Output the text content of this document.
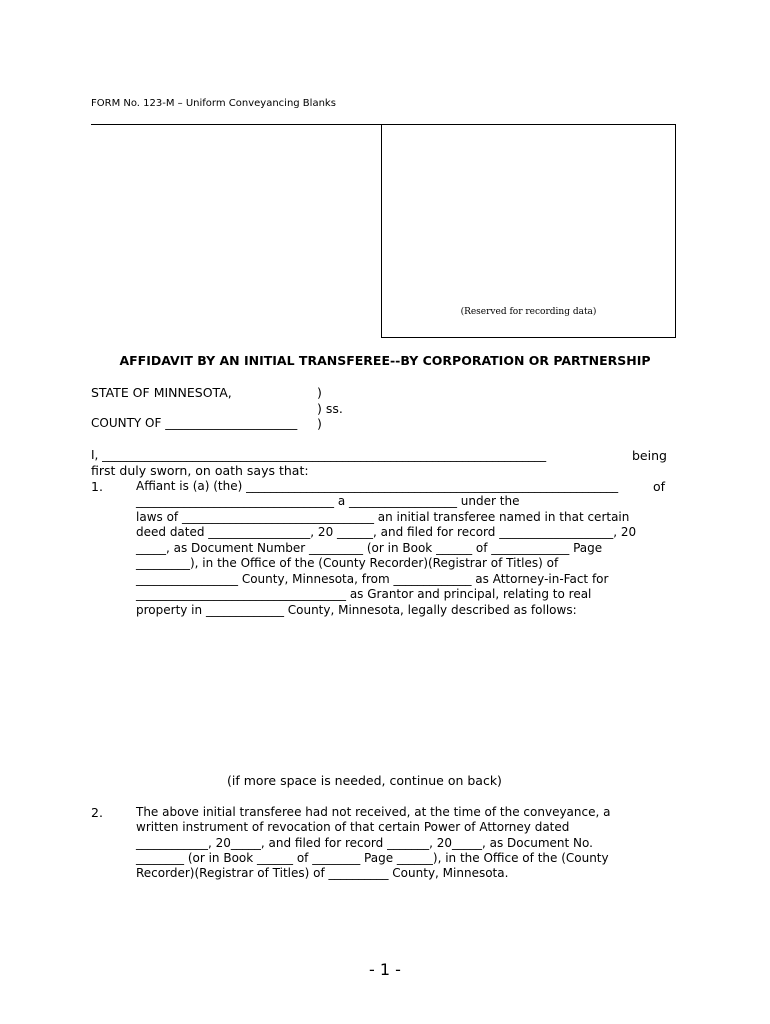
FORM No. 123-M – Uniform Conveyancing Blanks
(Reserved for recording data)
AFFIDAVIT BY AN INITIAL TRANSFEREE--BY CORPORATION OR PARTNERSHIP
STATE OF MINNESOTA,	)
) ss.
COUNTY OF ______________________ )
I, __________________________________________________________________________	being
first duly sworn, on oath says that:
1.	Affiant is (a) (the) ______________________________________________________________	of
_________________________________ a __________________ under the
laws of ________________________________ an initial transferee named in that certain
deed dated _________________, 20 ______, and filed for record ___________________, 20
_____, as Document Number _________ (or in Book ______ of _____________ Page
_________), in the Office of the (County Recorder)(Registrar of Titles) of
_________________ County, Minnesota, from _____________ as Attorney-in-Fact for
___________________________________ as Grantor and principal, relating to real
property in _____________ County, Minnesota, legally described as follows:
(if more space is needed, continue on back)
2.	The above initial transferee had not received, at the time of the conveyance, a
written instrument of revocation of that certain Power of Attorney dated
____________, 20_____, and filed for record _______, 20_____, as Document No.
________ (or in Book ______ of ________ Page ______), in the Office of the (County
Recorder)(Registrar of Titles) of __________ County, Minnesota.
- 1 -
